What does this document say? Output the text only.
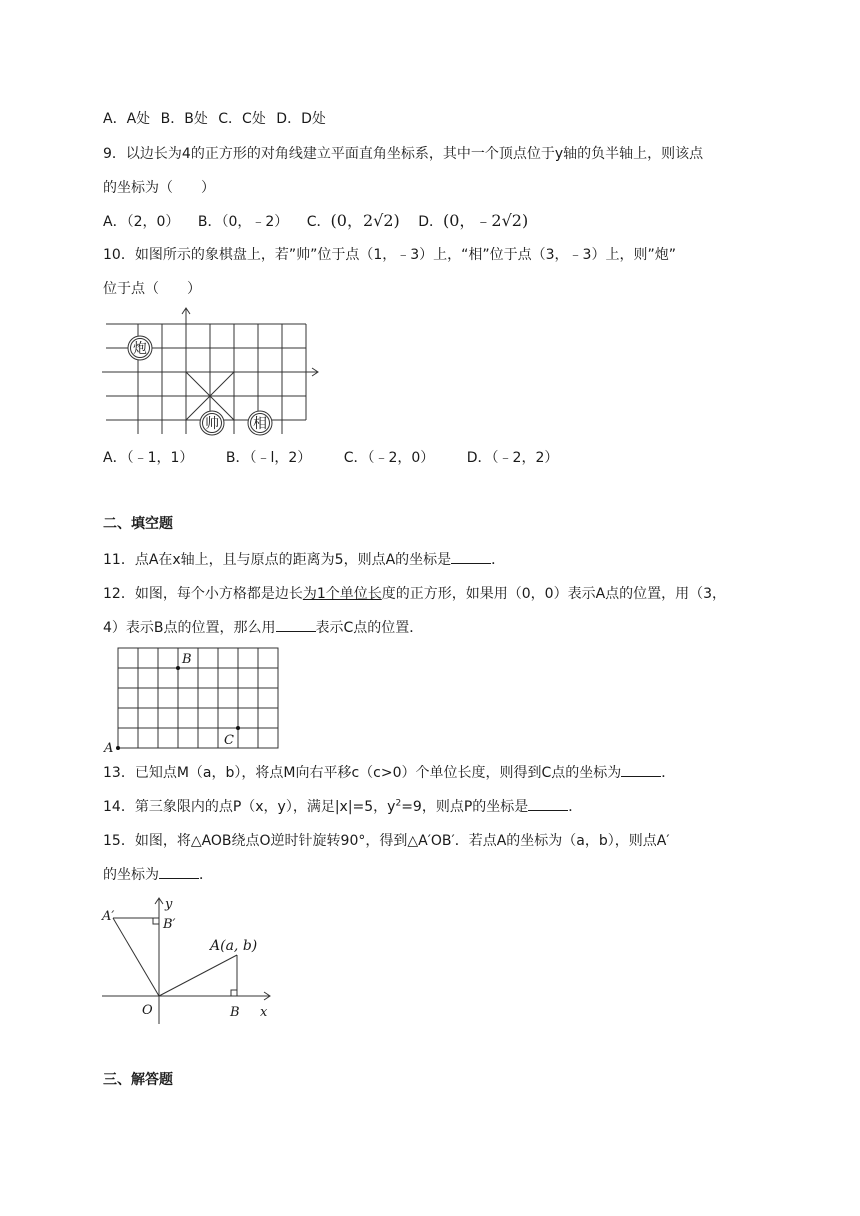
A．A处 B．B处 C．C处 D．D处
9．以边长为4的正方形的对角线建立平面直角坐标系，其中一个顶点位于y轴的负半轴上，则该点
的坐标为（　　）
A．（2，0） B．（0，﹣2） C．(0，2√2) D．(0，﹣2√2)
10．如图所示的象棋盘上，若”帅”位于点（1，﹣3）上，“相”位于点（3，﹣3）上，则”炮”
位于点（　　）
炮
帅 相
A．（﹣1，1） B．（﹣l，2） C．（﹣2，0） D．（﹣2，2）
二、填空题
11．点A在x轴上，且与原点的距离为5，则点A的坐标是	．
12．如图，每个小方格都是边长为1个单位长度的正方形，如果用（0，0）表示A点的位置，用（3，
4）表示B点的位置，那么用	表示C点的位置．
B
C
A
13．已知点M（a，b），将点M向右平移c（c>0）个单位长度，则得到C点的坐标为	．
14．第三象限内的点P（x，y），满足|x|=5，$y^2=9$，则点P的坐标是	．
15．如图，将△AOB绕点O逆时针旋转90°，得到△A′OB′．若点A的坐标为（a，b），则点A′
的坐标为	．
y
A′
B′
A(a, b)
O	B x
三、解答题
